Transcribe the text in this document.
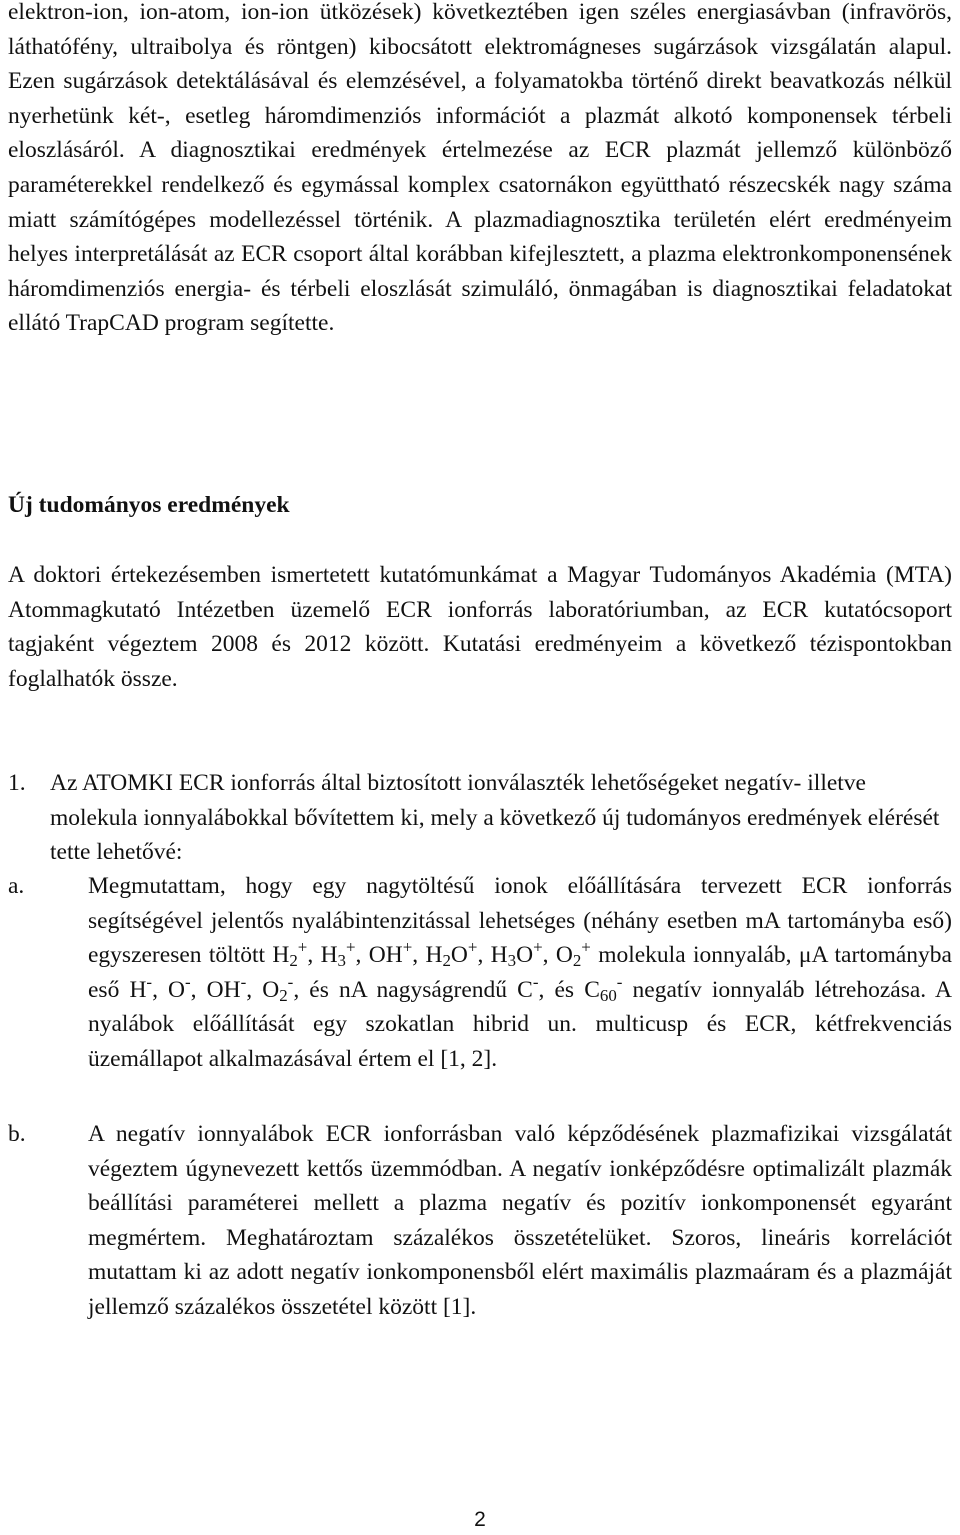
elektron-ion, ion-atom, ion-ion ütközések) következtében igen széles energiasávban (infravörös, láthatófény, ultraibolya és röntgen) kibocsátott elektromágneses sugárzások vizsgálatán alapul. Ezen sugárzások detektálásával és elemzésével, a folyamatokba történő direkt beavatkozás nélkül nyerhetünk két-, esetleg háromdimenziós információt a plazmát alkotó komponensek térbeli eloszlásáról. A diagnosztikai eredmények értelmezése az ECR plazmát jellemző különböző paraméterekkel rendelkező és egymással komplex csatornákon együttható részecskék nagy száma miatt számítógépes modellezéssel történik. A plazmadiagnosztika területén elért eredményeim helyes interpretálását az ECR csoport által korábban kifejlesztett, a plazma elektronkomponensének háromdimenziós energia- és térbeli eloszlását szimuláló, önmagában is diagnosztikai feladatokat ellátó TrapCAD program segítette.

Új tudományos eredmények

A doktori értekezésemben ismertetett kutatómunkámat a Magyar Tudományos Akadémia (MTA) Atommagkutató Intézetben üzemelő ECR ionforrás laboratóriumban, az ECR kutatócsoport tagjaként végeztem 2008 és 2012 között. Kutatási eredményeim a következő tézispontokban foglalhatók össze.

1. Az ATOMKI ECR ionforrás által biztosított ionválaszték lehetőségeket negatív- illetve molekula ionnyalábokkal bővítettem ki, mely a következő új tudományos eredmények elérését tette lehetővé:

a.	Megmutattam, hogy egy nagytöltésű ionok előállítására tervezett ECR ionforrás segítségével jelentős nyalábintenzitással lehetséges (néhány esetben mA tartományba eső) egyszeresen töltött $H_2^+$, $H_3^+$, OH+, $H_2O^+$, $H_3O^+$, $O_2^+$ molekula ionnyaláb, μA tartományba eső H-, O-, OH-, $O_2^-$, és nA nagyságrendű C-, és $C_{60}^-$ negatív ionnyaláb létrehozása. A nyalábok előállítását egy szokatlan hibrid un. multicusp és ECR, kétfrekvenciás üzemállapot alkalmazásával értem el [1, 2].

b.	A negatív ionnyalábok ECR ionforrásban való képződésének plazmafizikai vizsgálatát végeztem úgynevezett kettős üzemmódban. A negatív ionképződésre optimalizált plazmák beállítási paraméterei mellett a plazma negatív és pozitív ionkomponensét egyaránt megmértem. Meghatároztam százalékos összetételüket. Szoros, lineáris korrelációt mutattam ki az adott negatív ionkomponensből elért maximális plazmaáram és a plazmáját jellemző százalékos összetétel között [1].

2
